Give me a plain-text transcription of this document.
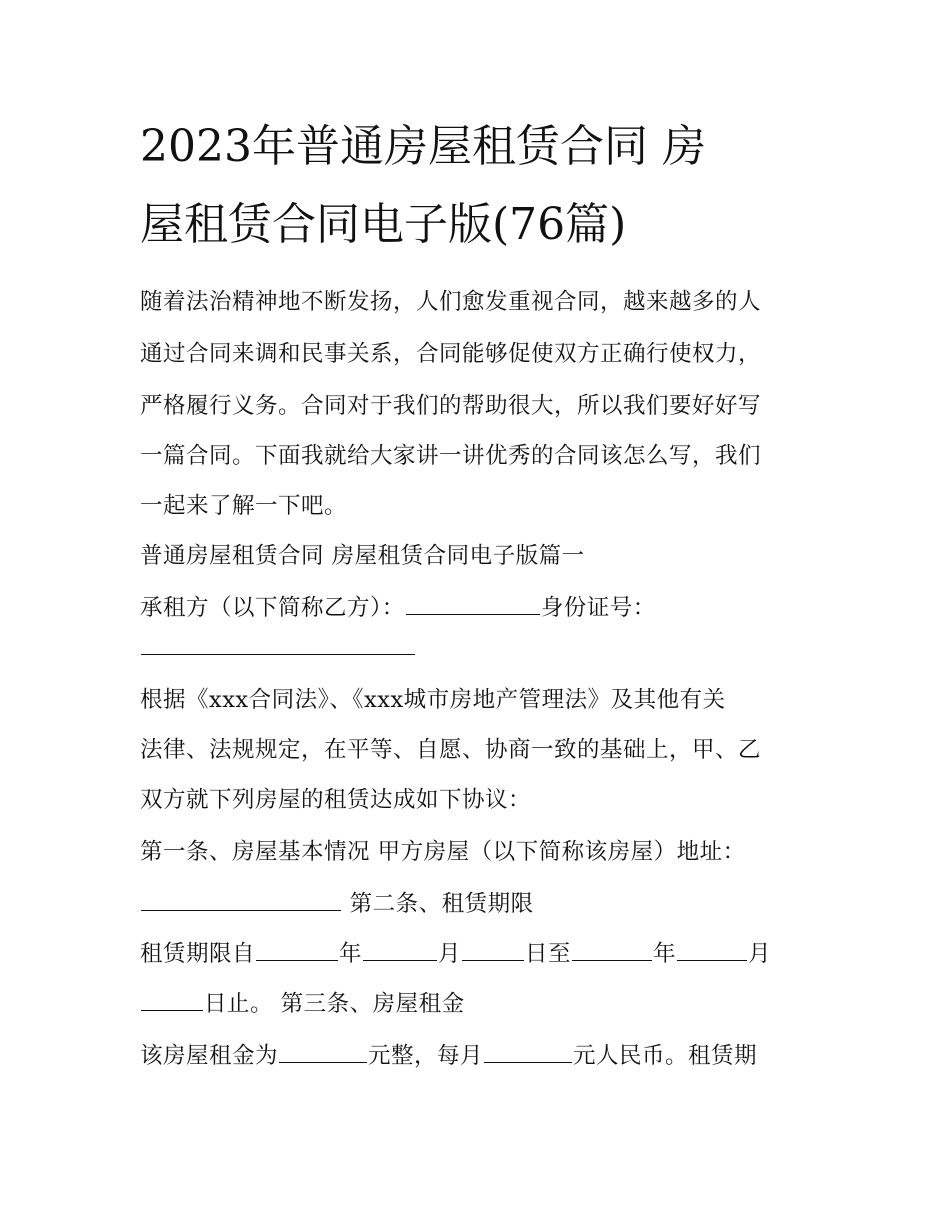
2023年普通房屋租赁合同 房
屋租赁合同电子版(76篇)
随着法治精神地不断发扬，人们愈发重视合同，越来越多的人
通过合同来调和民事关系，合同能够促使双方正确行使权力，
严格履行义务。合同对于我们的帮助很大，所以我们要好好写
一篇合同。下面我就给大家讲一讲优秀的合同该怎么写，我们
一起来了解一下吧。
普通房屋租赁合同 房屋租赁合同电子版篇一
承租方（以下简称乙方）：	身份证号：
根据《xxx合同法》、《xxx城市房地产管理法》及其他有关
法律、法规规定，在平等、自愿、协商一致的基础上，甲、乙
双方就下列房屋的租赁达成如下协议：
第一条、房屋基本情况 甲方房屋（以下简称该房屋）地址：
第二条、租赁期限
租赁期限自	年	月	日至	年	月
日止。 第三条、房屋租金
该房屋租金为	元整，每月	元人民币。租赁期
